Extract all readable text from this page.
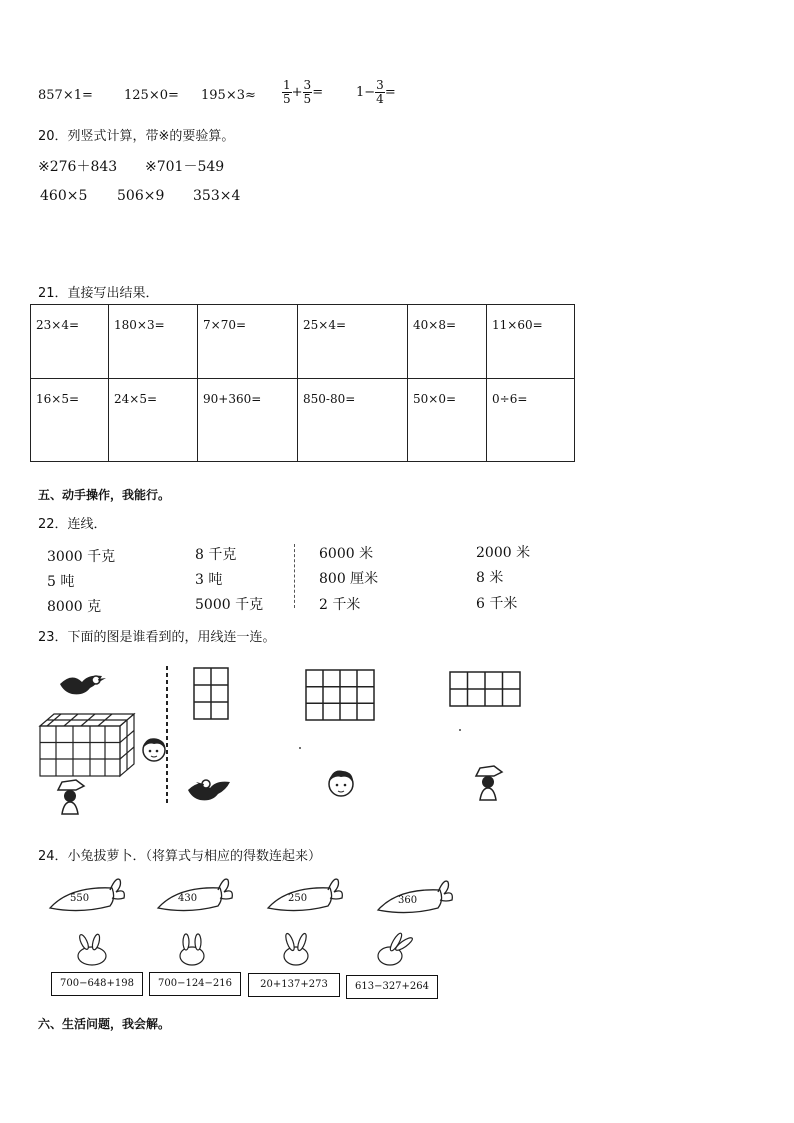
$857\times 1= 125\times 0= 195\times 3\approx \frac{1}{5} + \frac{3}{5}$ =	$1- \frac{3}{4}$ =
20．列竖式计算，带※的要验算。
※276＋843 ※701－549
460×5 506×9 353×4
21．直接写出结果．
23×4=	180×3=	7×70=	25×4=	40×8=	11×60=
16×5=	24×5=	90+360=	850-80=	50×0=	0÷6=
五、动手操作，我能行。
22．连线．
3000 千克
5 吨
8000 克
8 千克
3 吨
5000 千克
6000 米
800 厘米
2 千米
2000 米
8 米
6 千米
23．下面的图是谁看到的，用线连一连。
24．小兔拔萝卜．（将算式与相应的得数连起来）
550	430	250	360
700−648+198	700−124−216	20+137+273	613−327+264
六、生活问题，我会解。
